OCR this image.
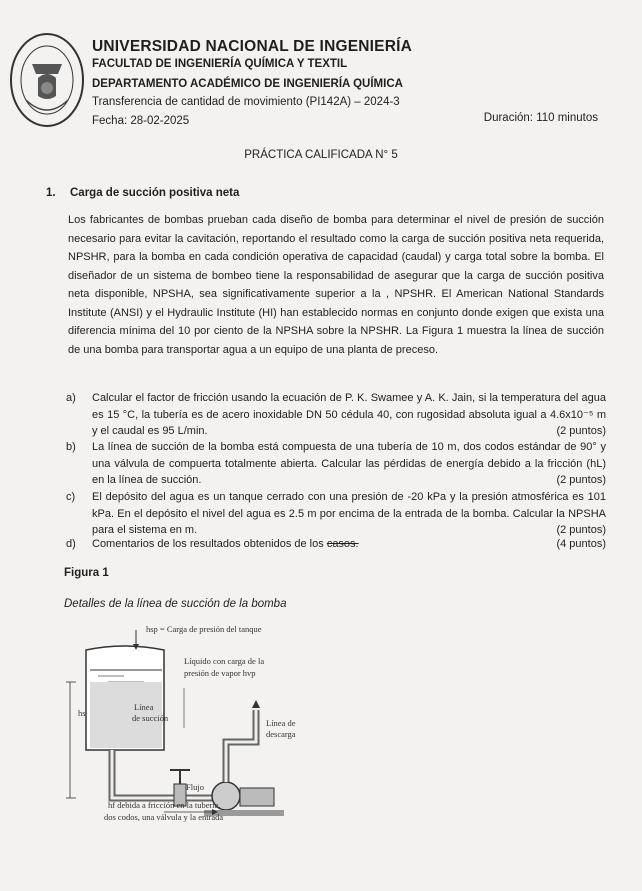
UNIVERSIDAD NACIONAL DE INGENIERÍA
FACULTAD DE INGENIERÍA QUÍMICA Y TEXTIL
DEPARTAMENTO ACADÉMICO DE INGENIERÍA QUÍMICA
Transferencia de cantidad de movimiento (PI142A) – 2024-3
Fecha: 28-02-2025	Duración: 110 minutos
PRÁCTICA CALIFICADA N° 5
1. Carga de succión positiva neta
Los fabricantes de bombas prueban cada diseño de bomba para determinar el nivel de presión de succión necesario para evitar la cavitación, reportando el resultado como la carga de succión positiva neta requerida, NPSHR, para la bomba en cada condición operativa de capacidad (caudal) y carga total sobre la bomba. El diseñador de un sistema de bombeo tiene la responsabilidad de asegurar que la carga de succión positiva neta disponible, NPSHA, sea significativamente superior a la , NPSHR. El American National Standards Institute (ANSI) y el Hydraulic Institute (HI) han establecido normas en conjunto donde exigen que exista una diferencia mínima del 10 por ciento de la NPSHA sobre la NPSHR. La Figura 1 muestra la línea de succión de una bomba para transportar agua a un equipo de una planta de preceso.
a) Calcular el factor de fricción usando la ecuación de P. K. Swamee y A. K. Jain, si la temperatura del agua es 15 °C, la tubería es de acero inoxidable DN 50 cédula 40, con rugosidad absoluta igual a 4.6x10⁻⁵ m y el caudal es 95 L/min.	(2 puntos)
b) La línea de succión de la bomba está compuesta de una tubería de 10 m, dos codos estándar de 90° y una válvula de compuerta totalmente abierta. Calcular las pérdidas de energía debido a la fricción (hL) en la línea de succión.	(2 puntos)
c) El depósito del agua es un tanque cerrado con una presión de -20 kPa y la presión atmosférica es 101 kPa. En el depósito el nivel del agua es 2.5 m por encima de la entrada de la bomba. Calcular la NPSHA para el sistema en m.	(2 puntos)
d) Comentarios de los resultados obtenidos de los casos.	(4 puntos)
Figura 1
Detalles de la línea de succión de la bomba
hsp = Carga de presión del tanque
Líquido con carga de la
presión de vapor hvp
Línea
de succión	Línea de
descarga
hs
Flujo
hf debida a fricción en la tubería,
dos codos, una válvula y la entrada
